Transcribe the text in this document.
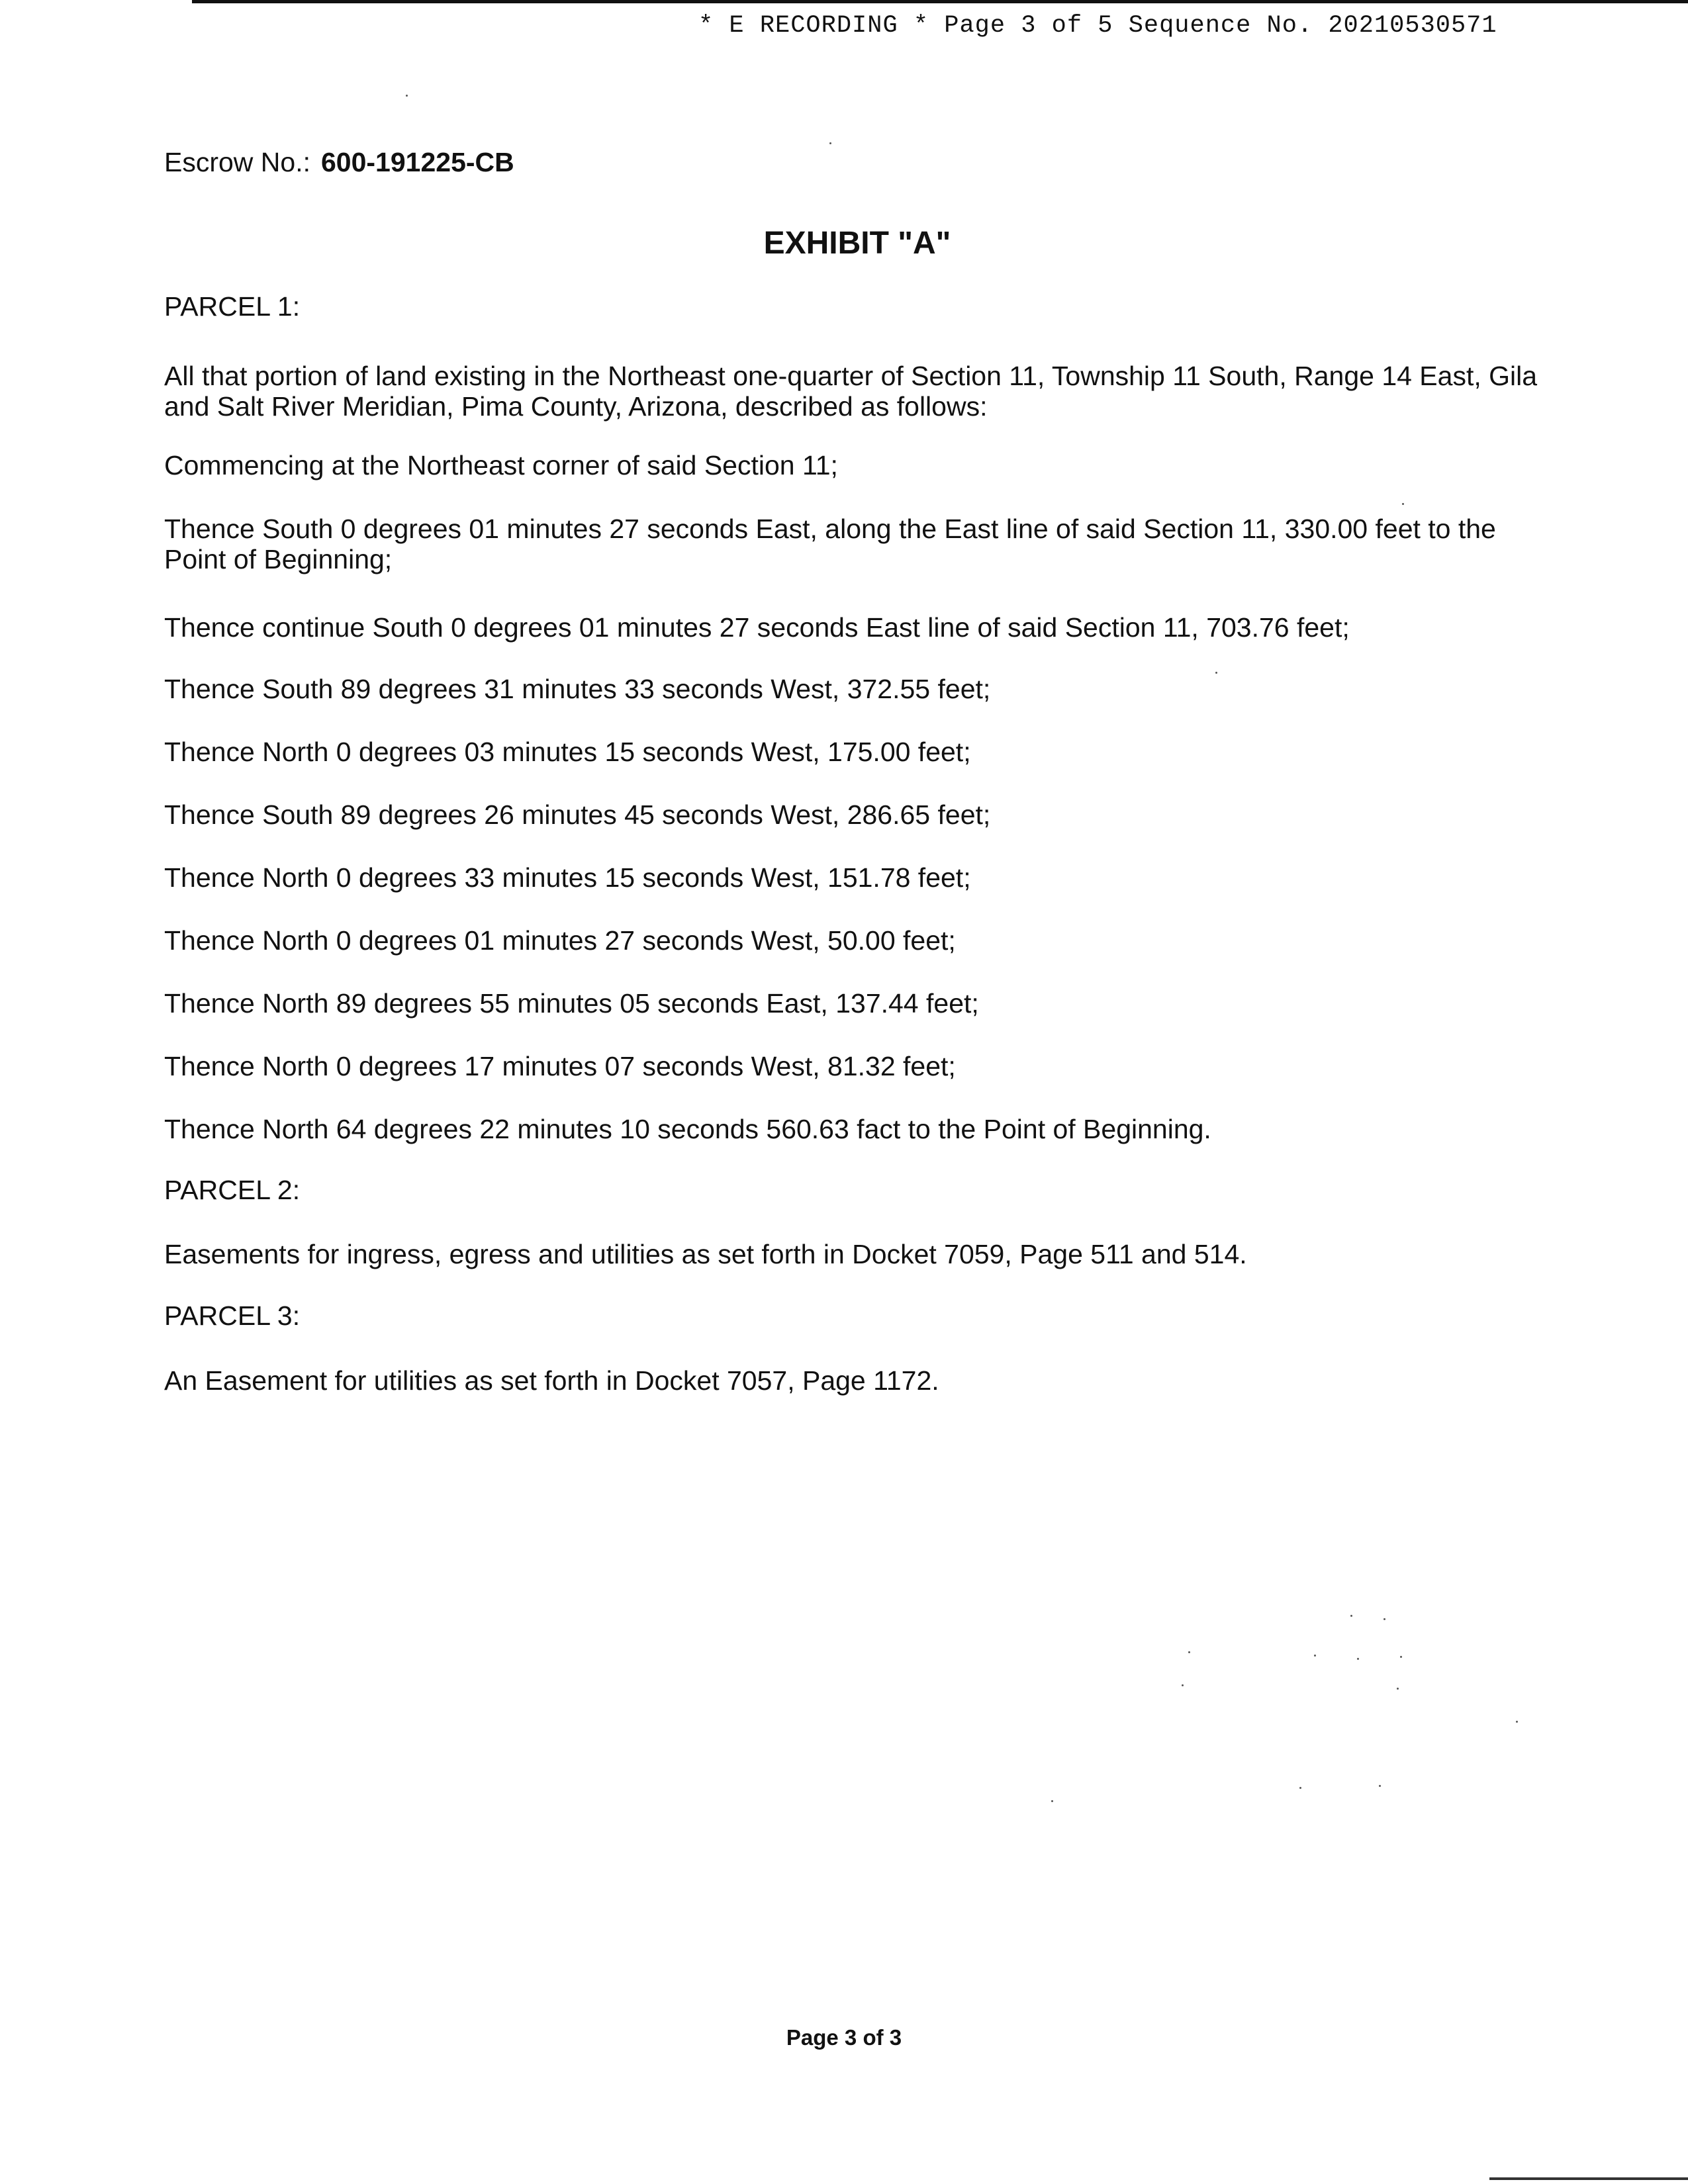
* E RECORDING * Page 3 of 5 Sequence No. 20210530571
Escrow No.: 600-191225-CB
EXHIBIT "A"
PARCEL 1:
All that portion of land existing in the Northeast one-quarter of Section 11, Township 11 South, Range 14 East, Gila and Salt River Meridian, Pima County, Arizona, described as follows:
Commencing at the Northeast corner of said Section 11;
Thence South 0 degrees 01 minutes 27 seconds East, along the East line of said Section 11, 330.00 feet to the Point of Beginning;
Thence continue South 0 degrees 01 minutes 27 seconds East line of said Section 11, 703.76 feet;
Thence South 89 degrees 31 minutes 33 seconds West, 372.55 feet;
Thence North 0 degrees 03 minutes 15 seconds West, 175.00 feet;
Thence South 89 degrees 26 minutes 45 seconds West, 286.65 feet;
Thence North 0 degrees 33 minutes 15 seconds West, 151.78 feet;
Thence North 0 degrees 01 minutes 27 seconds West, 50.00 feet;
Thence North 89 degrees 55 minutes 05 seconds East, 137.44 feet;
Thence North 0 degrees 17 minutes 07 seconds West, 81.32 feet;
Thence North 64 degrees 22 minutes 10 seconds 560.63 fact to the Point of Beginning.
PARCEL 2:
Easements for ingress, egress and utilities as set forth in Docket 7059, Page 511 and 514.
PARCEL 3:
An Easement for utilities as set forth in Docket 7057, Page 1172.
Page 3 of 3
